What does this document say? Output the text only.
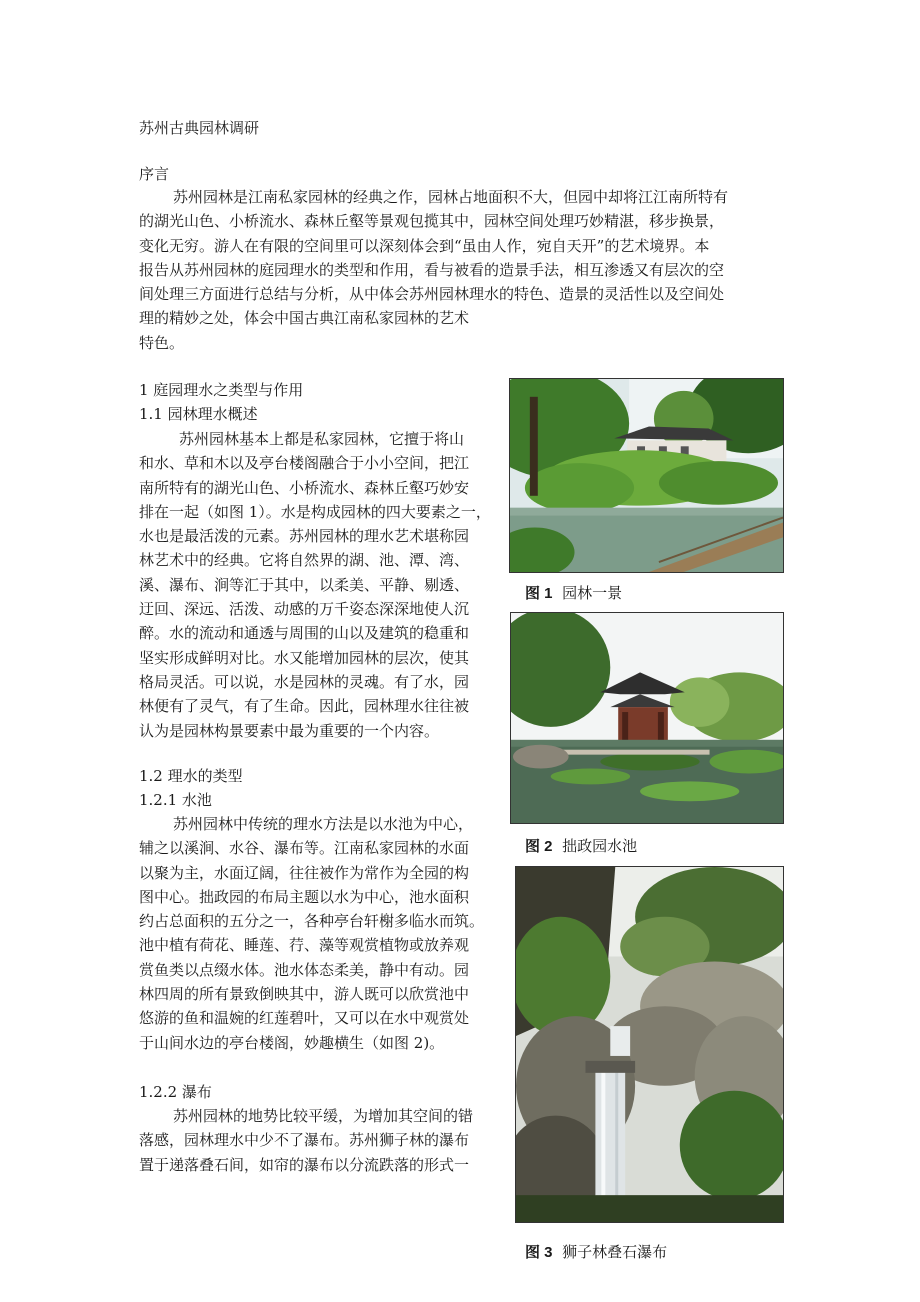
苏州古典园林调研
序言
苏州园林是江南私家园林的经典之作，园林占地面积不大，但园中却将江江南所特有
的湖光山色、小桥流水、森林丘壑等景观包揽其中，园林空间处理巧妙精湛，移步换景，
变化无穷。游人在有限的空间里可以深刻体会到“虽由人作，宛自天开”的艺术境界。本
报告从苏州园林的庭园理水的类型和作用，看与被看的造景手法，相互渗透又有层次的空
间处理三方面进行总结与分析，从中体会苏州园林理水的特色、造景的灵活性以及空间处
理的精妙之处，体会中国古典江南私家园林的艺术
特色。
1 庭园理水之类型与作用
1.1 园林理水概述
苏州园林基本上都是私家园林，它擅于将山
和水、草和木以及亭台楼阁融合于小小空间，把江
南所特有的湖光山色、小桥流水、森林丘壑巧妙安
排在一起（如图 1）。水是构成园林的四大要素之一，
水也是最活泼的元素。苏州园林的理水艺术堪称园
林艺术中的经典。它将自然界的湖、池、潭、湾、
溪、瀑布、涧等汇于其中，以柔美、平静、剔透、
迂回、深远、活泼、动感的万千姿态深深地使人沉
醉。水的流动和通透与周围的山以及建筑的稳重和
坚实形成鲜明对比。水又能增加园林的层次，使其
格局灵活。可以说，水是园林的灵魂。有了水，园
林便有了灵气，有了生命。因此，园林理水往往被
认为是园林构景要素中最为重要的一个内容。
1.2 理水的类型
1.2.1 水池
苏州园林中传统的理水方法是以水池为中心，
辅之以溪涧、水谷、瀑布等。江南私家园林的水面
以聚为主，水面辽阔，往往被作为常作为全园的构
图中心。拙政园的布局主题以水为中心，池水面积
约占总面积的五分之一，各种亭台轩榭多临水而筑。
池中植有荷花、睡莲、荇、藻等观赏植物或放养观
赏鱼类以点缀水体。池水体态柔美，静中有动。园
林四周的所有景致倒映其中，游人既可以欣赏池中
悠游的鱼和温婉的红莲碧叶，又可以在水中观赏处
于山间水边的亭台楼阁，妙趣横生（如图 2)。
1.2.2 瀑布
苏州园林的地势比较平缓，为增加其空间的错
落感，园林理水中少不了瀑布。苏州狮子林的瀑布
置于递落叠石间，如帘的瀑布以分流跌落的形式一
图 1 园林一景
图 2 拙政园水池
图 3 狮子林叠石瀑布
